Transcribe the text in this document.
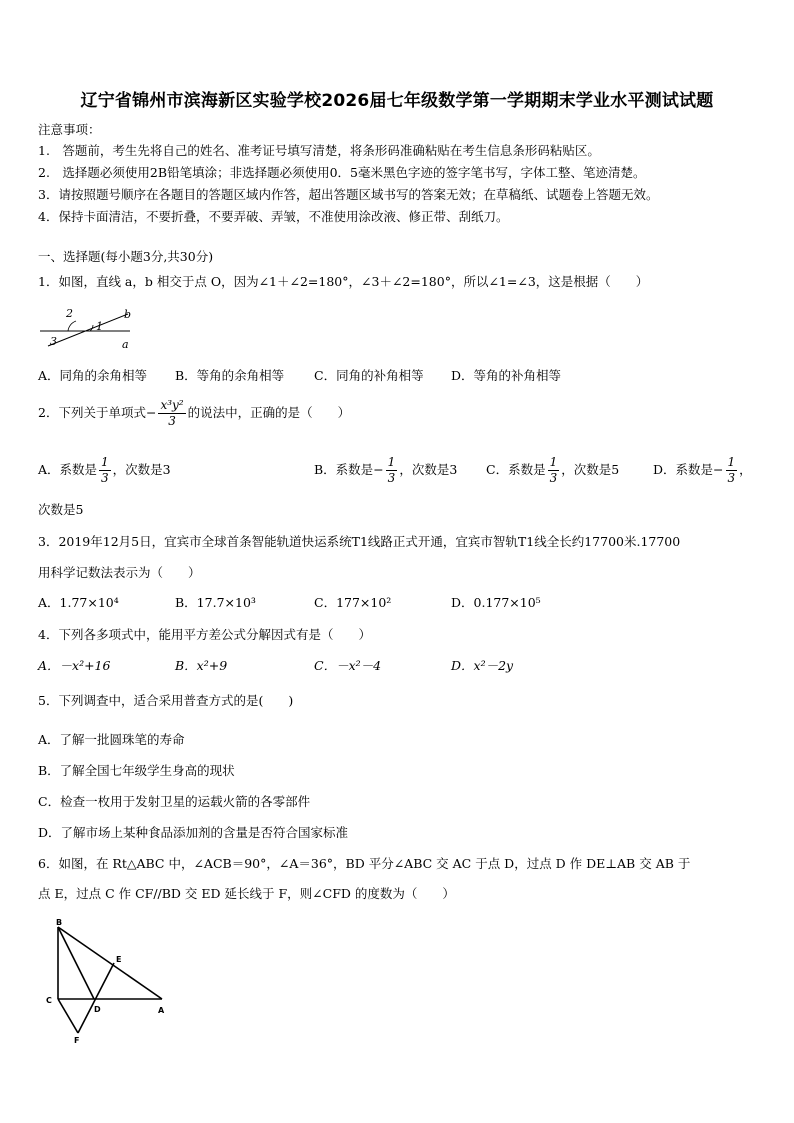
辽宁省锦州市滨海新区实验学校2026届七年级数学第一学期期末学业水平测试试题
注意事项：
1.　答题前，考生先将自己的姓名、准考证号填写清楚，将条形码准确粘贴在考生信息条形码粘贴区。
2.　选择题必须使用2B铅笔填涂；非选择题必须使用0．5毫米黑色字迹的签字笔书写，字体工整、笔迹清楚。
3．请按照题号顺序在各题目的答题区域内作答，超出答题区域书写的答案无效；在草稿纸、试题卷上答题无效。
4．保持卡面清洁，不要折叠，不要弄破、弄皱，不准使用涂改液、修正带、刮纸刀。
一、选择题(每小题3分,共30分)
1．如图，直线 a，b 相交于点 O，因为∠1＋∠2=180°，∠3＋∠2=180°，所以∠1=∠3，这是根据（　　）
2
1
3
b
a
A．同角的余角相等 B．等角的余角相等 C．同角的补角相等 D．等角的补角相等
2．下列关于单项式− $\frac{\text{x³y²}}{3}$ 的说法中，正确的是（　　）
A．系数是 $\frac{1}{3}$ ，次数是3	B．系数是− $\frac{1}{3}$ ，次数是3 C．系数是 $\frac{1}{3}$ ，次数是5	D．系数是− $\frac{1}{3}$ ，
次数是5
3．2019年12月5日，宜宾市全球首条智能轨道快运系统T1线路正式开通，宜宾市智轨T1线全长约17700米.17700
用科学记数法表示为（　　）
A．1.77×10⁴	B．17.7×10³	C．177×10²	D．0.177×10⁵
4．下列各多项式中，能用平方差公式分解因式有是（　　）
A．－x²+16	B．x²+9	C．－x²－4	D．x²－2y
5．下列调查中，适合采用普查方式的是(　　)
A．了解一批圆珠笔的寿命
B．了解全国七年级学生身高的现状
C．检查一枚用于发射卫星的运载火箭的各零部件
D．了解市场上某种食品添加剂的含量是否符合国家标准
6．如图，在 Rt△ABC 中，∠ACB＝90°，∠A＝36°，BD 平分∠ABC 交 AC 于点 D，过点 D 作 DE⊥AB 交 AB 于
点 E，过点 C 作 CF//BD 交 ED 延长线于 F，则∠CFD 的度数为（　　）
B
E
C
D	A
F
